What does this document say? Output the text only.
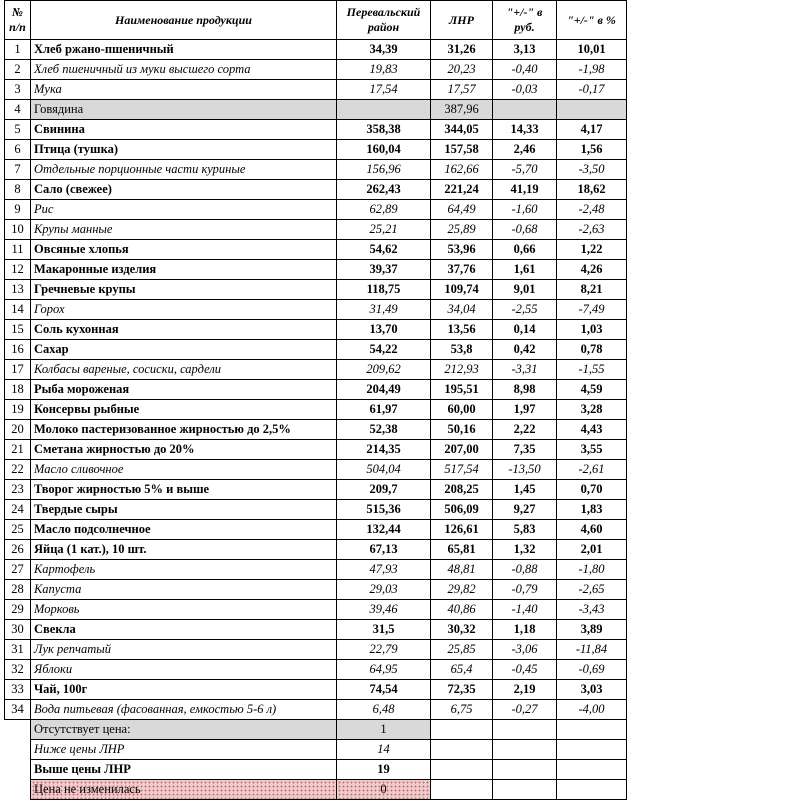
№ п/п	Наименование продукции	Перевальский район	ЛНР	"+/-" в руб.	"+/-" в %
1	Хлеб ржано-пшеничный	34,39	31,26	3,13	10,01
2	Хлеб пшеничный из муки высшего сорта	19,83	20,23	-0,40	-1,98
3	Мука	17,54	17,57	-0,03	-0,17
4	Говядина		387,96		
5	Свинина	358,38	344,05	14,33	4,17
6	Птица (тушка)	160,04	157,58	2,46	1,56
7	Отдельные порционные части куриные	156,96	162,66	-5,70	-3,50
8	Сало (свежее)	262,43	221,24	41,19	18,62
9	Рис	62,89	64,49	-1,60	-2,48
10	Крупы манные	25,21	25,89	-0,68	-2,63
11	Овсяные хлопья	54,62	53,96	0,66	1,22
12	Макаронные изделия	39,37	37,76	1,61	4,26
13	Гречневые крупы	118,75	109,74	9,01	8,21
14	Горох	31,49	34,04	-2,55	-7,49
15	Соль кухонная	13,70	13,56	0,14	1,03
16	Сахар	54,22	53,8	0,42	0,78
17	Колбасы вареные, сосиски, сардели	209,62	212,93	-3,31	-1,55
18	Рыба мороженая	204,49	195,51	8,98	4,59
19	Консервы рыбные	61,97	60,00	1,97	3,28
20	Молоко пастеризованное жирностью до 2,5%	52,38	50,16	2,22	4,43
21	Сметана жирностью до 20%	214,35	207,00	7,35	3,55
22	Масло сливочное	504,04	517,54	-13,50	-2,61
23	Творог жирностью 5% и выше	209,7	208,25	1,45	0,70
24	Твердые сыры	515,36	506,09	9,27	1,83
25	Масло подсолнечное	132,44	126,61	5,83	4,60
26	Яйца (1 кат.), 10 шт.	67,13	65,81	1,32	2,01
27	Картофель	47,93	48,81	-0,88	-1,80
28	Капуста	29,03	29,82	-0,79	-2,65
29	Морковь	39,46	40,86	-1,40	-3,43
30	Свекла	31,5	30,32	1,18	3,89
31	Лук репчатый	22,79	25,85	-3,06	-11,84
32	Яблоки	64,95	65,4	-0,45	-0,69
33	Чай, 100г	74,54	72,35	2,19	3,03
34	Вода питьевая (фасованная, емкостью 5-6 л)	6,48	6,75	-0,27	-4,00
	Отсутствует цена:	1			
	Ниже цены ЛНР	14			
	Выше цены ЛНР	19			
	Цена не изменилась	0			
